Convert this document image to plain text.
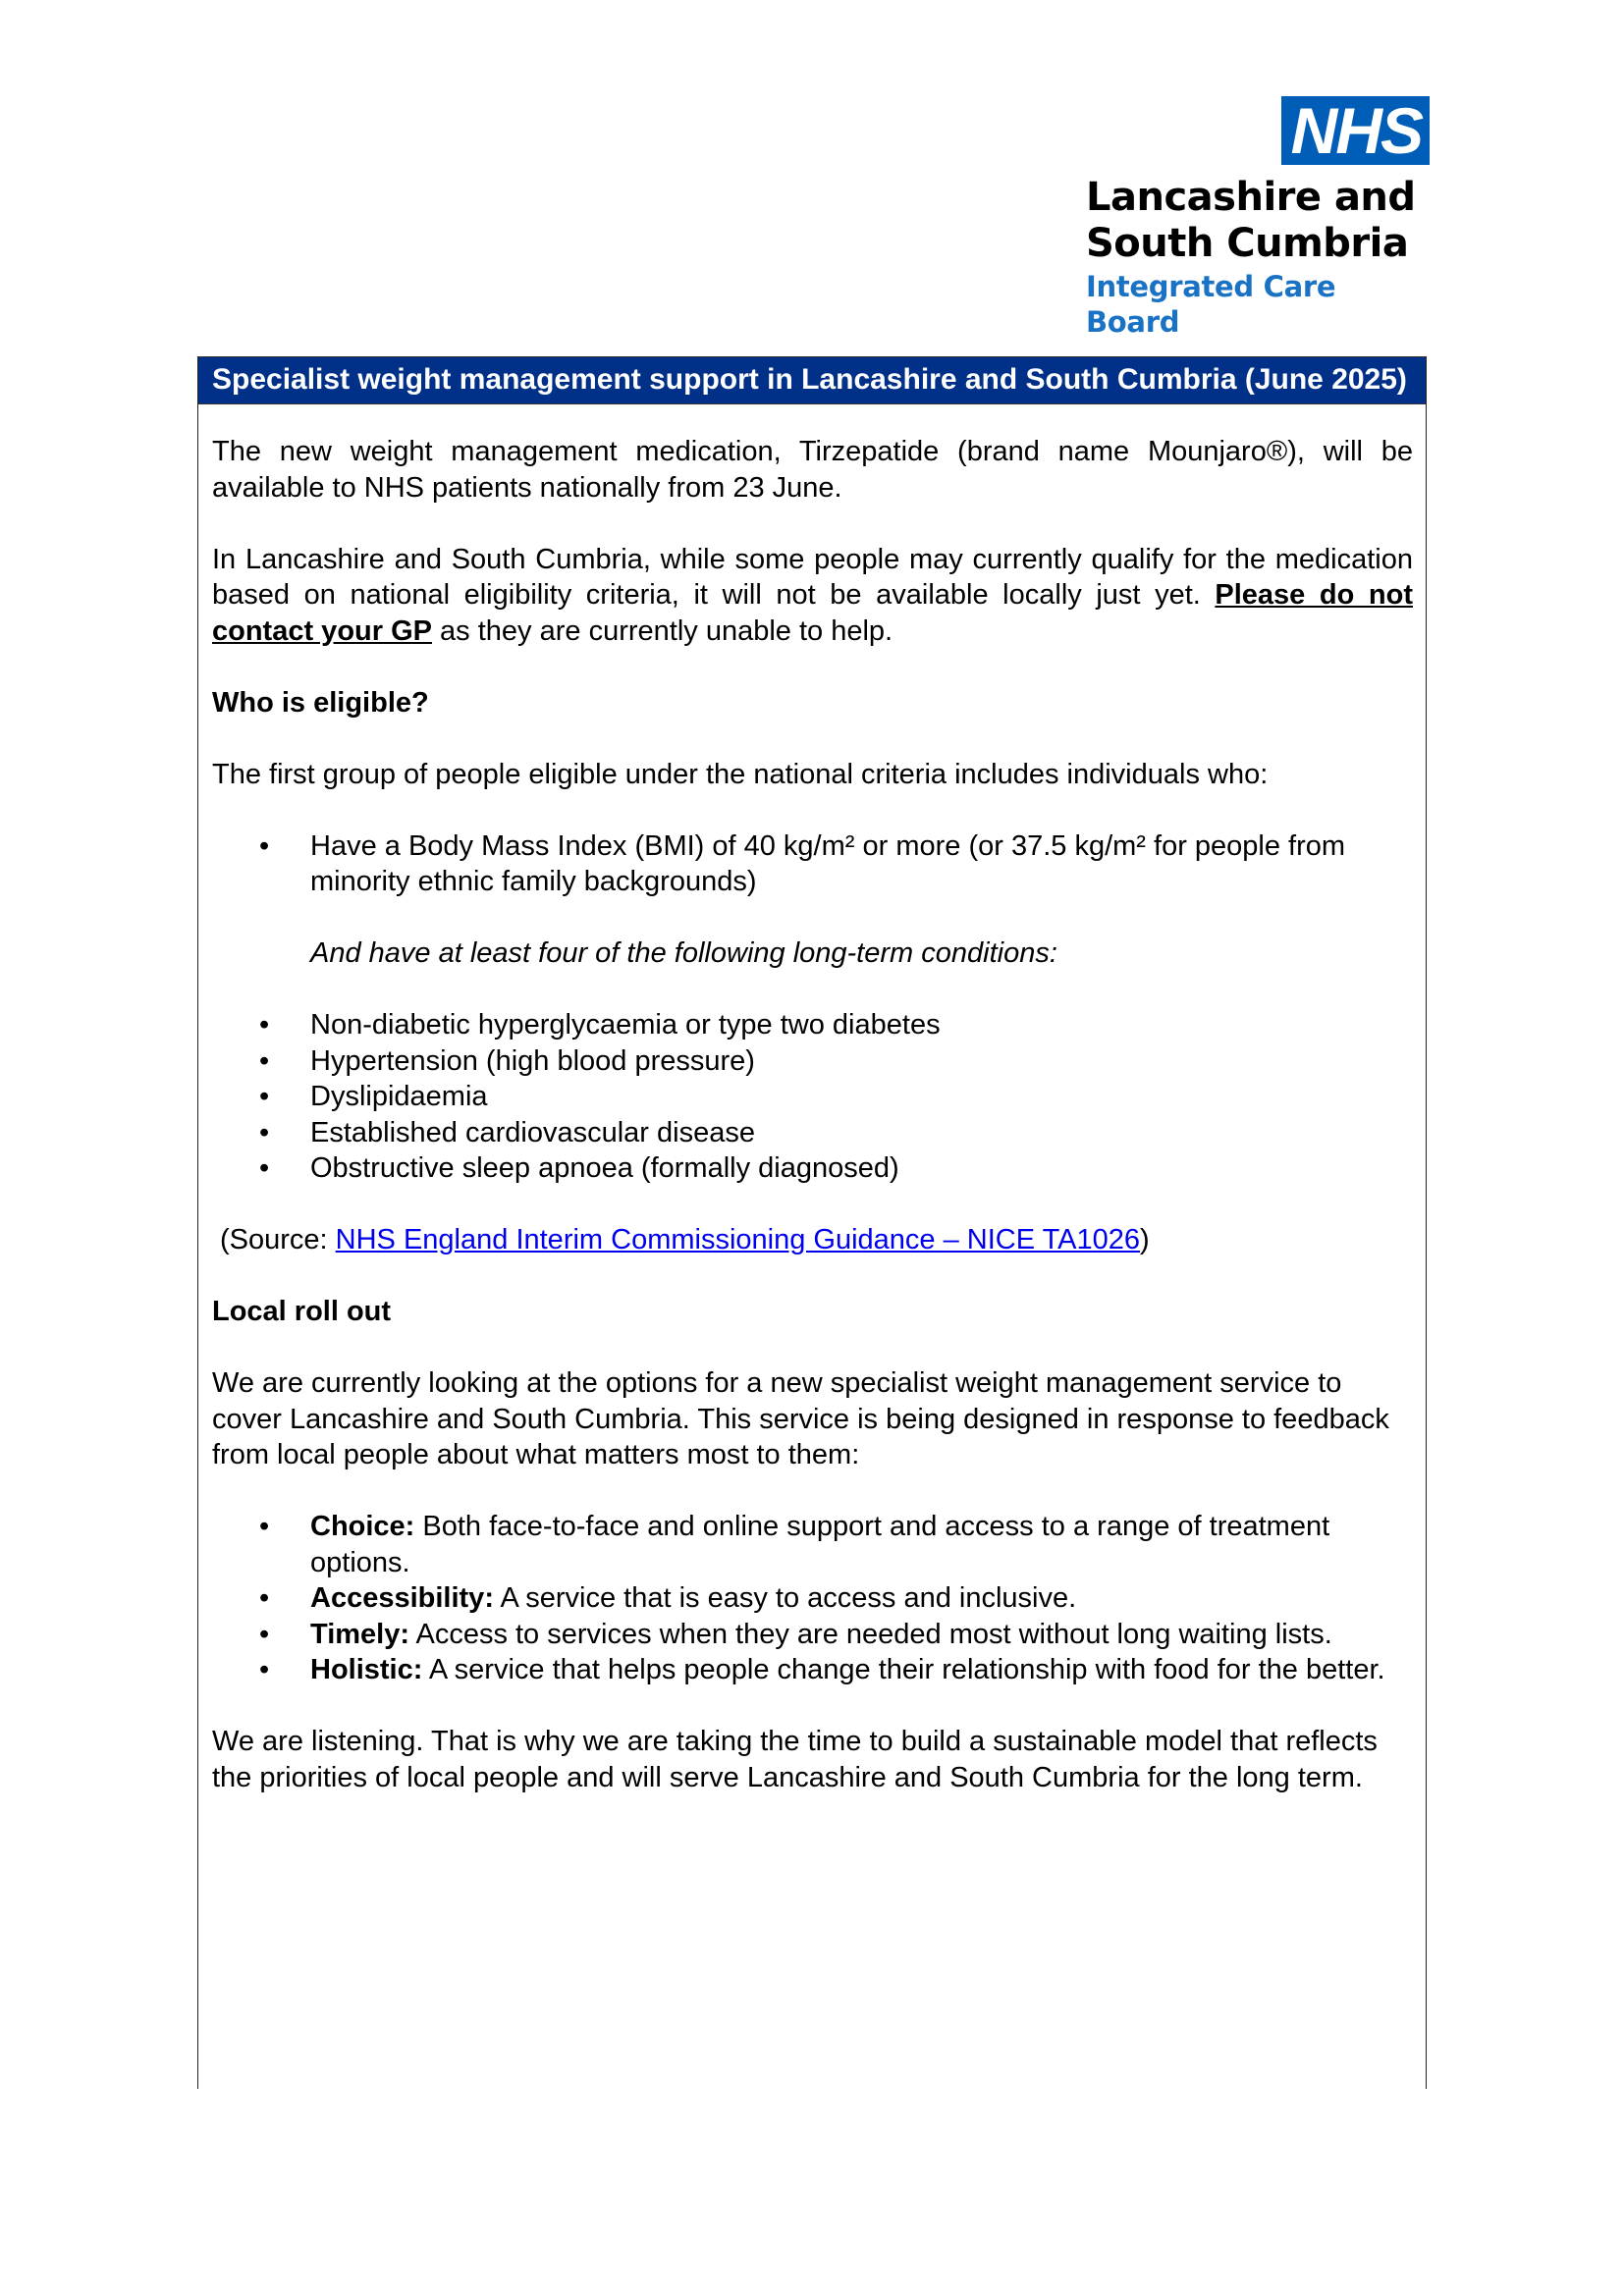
NHS
Lancashire and
South Cumbria
Integrated Care Board
Specialist weight management support in Lancashire and South Cumbria (June 2025)

The new weight management medication, Tirzepatide (brand name Mounjaro®), will be available to NHS patients nationally from 23 June.

In Lancashire and South Cumbria, while some people may currently qualify for the medication based on national eligibility criteria, it will not be available locally just yet. Please do not contact your GP as they are currently unable to help.

Who is eligible?

The first group of people eligible under the national criteria includes individuals who:

• Have a Body Mass Index (BMI) of 40 kg/m² or more (or 37.5 kg/m² for people from minority ethnic family backgrounds)

And have at least four of the following long-term conditions:

• Non-diabetic hyperglycaemia or type two diabetes
• Hypertension (high blood pressure)
• Dyslipidaemia
• Established cardiovascular disease
• Obstructive sleep apnoea (formally diagnosed)

(Source: NHS England Interim Commissioning Guidance – NICE TA1026)

Local roll out

We are currently looking at the options for a new specialist weight management service to cover Lancashire and South Cumbria. This service is being designed in response to feedback from local people about what matters most to them:

• Choice: Both face-to-face and online support and access to a range of treatment options.
• Accessibility: A service that is easy to access and inclusive.
• Timely: Access to services when they are needed most without long waiting lists.
• Holistic: A service that helps people change their relationship with food for the better.

We are listening. That is why we are taking the time to build a sustainable model that reflects the priorities of local people and will serve Lancashire and South Cumbria for the long term.
